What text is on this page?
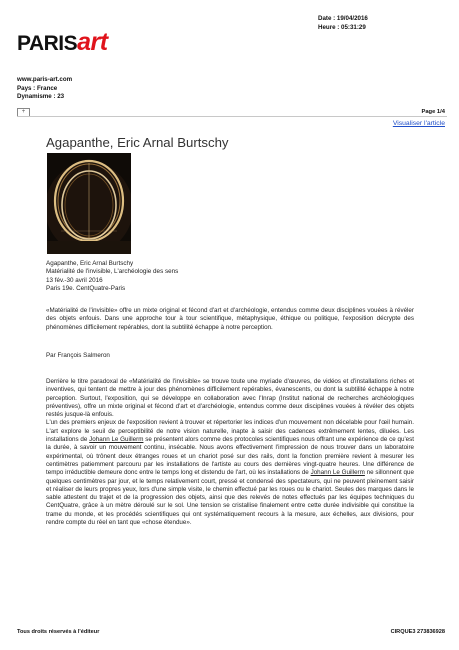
PARISart
Date : 19/04/2016
Heure : 05:31:29
www.paris-art.com
Pays : France
Dynamisme : 23
+	Page 1/4
Visualiser l'article
Agapanthe, Eric Arnal Burtschy
Agapanthe, Eric Arnal Burtschy
Matérialité de l'invisible, L'archéologie des sens
13 fév.-30 avril 2016
Paris 19e. CentQuatre-Paris

«Matérialité de l'invisible» offre un mixte original et fécond d'art et d'archéologie, entendus comme deux disciplines vouées à révéler des objets enfouis. Dans une approche tour à tour scientifique, métaphysique, éthique ou politique, l'exposition décrypte des phénomènes difficilement repérables, dont la subtilité échappe à notre perception.

Par François Salmeron

Derrière le titre paradoxal de «Matérialité de l'invisible» se trouve toute une myriade d'œuvres, de vidéos et d'installations riches et inventives, qui tentent de mettre à jour des phénomènes difficilement repérables, évanescents, ou dont la subtilité échappe à notre perception. Surtout, l'exposition, qui se développe en collaboration avec l'Inrap (Institut national de recherches archéologiques préventives), offre un mixte original et fécond d'art et d'archéologie, entendus comme deux disciplines vouées à révéler des objets restés jusque-là enfouis.

L'un des premiers enjeux de l'exposition revient à trouver et répertorier les indices d'un mouvement non décelable pour l'œil humain. L'art explore le seuil de perceptibilité de notre vision naturelle, inapte à saisir des cadences extrêmement lentes, diluées. Les installations de Johann Le Guillerm se présentent alors comme des protocoles scientifiques nous offrant une expérience de ce qu'est la durée, à savoir un mouvement continu, insécable. Nous avons effectivement l'impression de nous trouver dans un laboratoire expérimental, où trônent deux étranges roues et un chariot posé sur des rails, dont la fonction première revient à mesurer les centimètres patiemment parcouru par les installations de l'artiste au cours des dernières vingt-quatre heures. Une différence de tempo irréductible demeure donc entre le temps long et distendu de l'art, où les installations de Johann Le Guillerm ne sillonnent que quelques centimètres par jour, et le temps relativement court, pressé et condensé des spectateurs, qui ne peuvent pleinement saisir et réaliser de leurs propres yeux, lors d'une simple visite, le chemin effectué par les roues ou le chariot. Seules des marques dans le sable attestent du trajet et de la progression des objets, ainsi que des relevés de notes effectués par les équipes techniques du CentQuatre, grâce à un mètre déroulé sur le sol. Une tension se cristallise finalement entre cette durée indivisible qui constitue la trame du monde, et les procédés scientifiques qui ont systématiquement recours à la mesure, aux échelles, aux divisions, pour rendre compte du réel en tant que «chose étendue».

Tous droits réservés à l'éditeur	CIRQUE3 273836928
